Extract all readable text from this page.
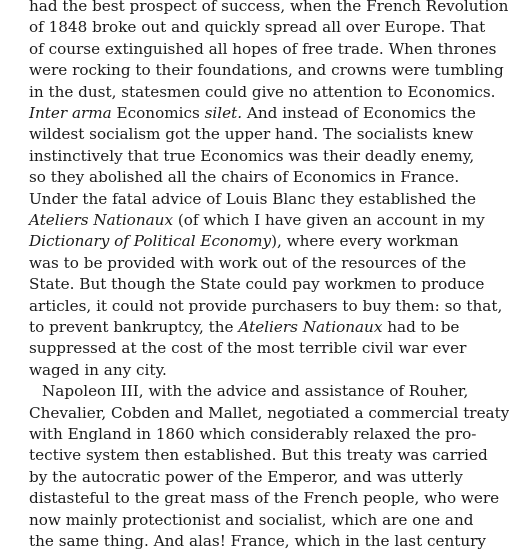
had the best prospect of success, when the French Revolution
of 1848 broke out and quickly spread all over Europe. That
of course extinguished all hopes of free trade. When thrones
were rocking to their foundations, and crowns were tumbling
in the dust, statesmen could give no attention to Economics.
Inter arma Economics silet. And instead of Economics the
wildest socialism got the upper hand. The socialists knew
instinctively that true Economics was their deadly enemy,
so they abolished all the chairs of Economics in France.
Under the fatal advice of Louis Blanc they established the
Ateliers Nationaux (of which I have given an account in my
Dictionary of Political Economy), where every workman
was to be provided with work out of the resources of the
State. But though the State could pay workmen to produce
articles, it could not provide purchasers to buy them: so that,
to prevent bankruptcy, the Ateliers Nationaux had to be
suppressed at the cost of the most terrible civil war ever
waged in any city.
Napoleon III, with the advice and assistance of Rouher,
Chevalier, Cobden and Mallet, negotiated a commercial treaty
with England in 1860 which considerably relaxed the pro-
tective system then established. But this treaty was carried
by the autocratic power of the Emperor, and was utterly
distasteful to the great mass of the French people, who were
now mainly protectionist and socialist, which are one and
the same thing. And alas! France, which in the last century
